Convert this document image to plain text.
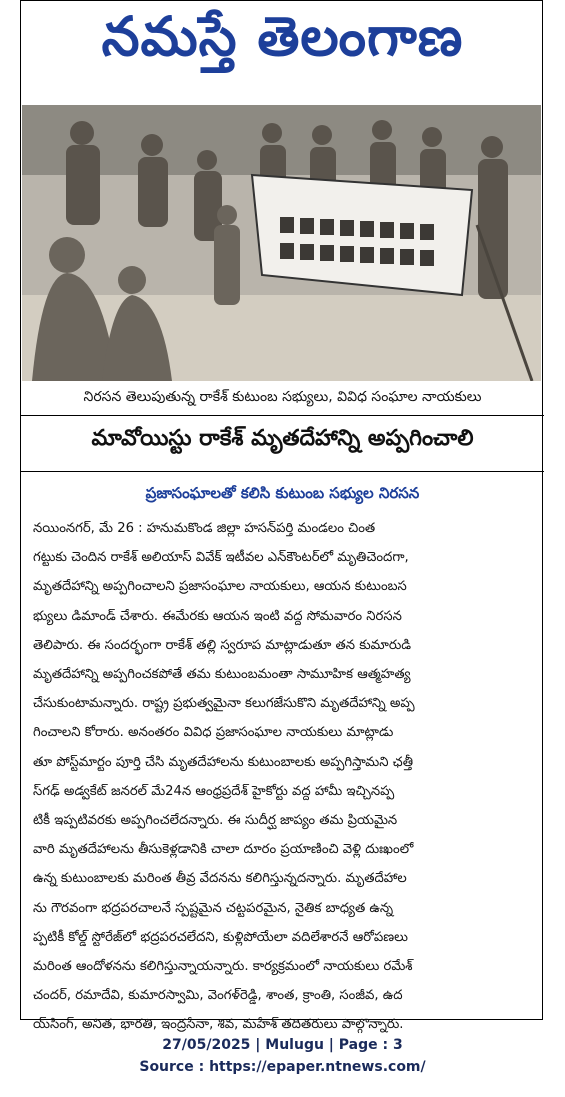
నమస్తే తెలంగాణ
నిరసన తెలుపుతున్న రాకేశ్ కుటుంబ సభ్యులు, వివిధ సంఘాల నాయకులు
మావోయిస్టు రాకేశ్ మృతదేహాన్ని అప్పగించాలి
ప్రజాసంఘాలతో కలిసి కుటుంబ సభ్యుల నిరసన
నయింనగర్, మే 26 : హనుమకొండ జిల్లా హసన్‌పర్తి మండలం చింత
గట్టుకు చెందిన రాకేశ్ అలియాస్ వివేక్ ఇటీవల ఎన్‌కౌంటర్‌లో మృతిచెందగా,
మృతదేహాన్ని అప్పగించాలని ప్రజాసంఘాల నాయకులు, ఆయన కుటుంబస
భ్యులు డిమాండ్ చేశారు. ఈమేరకు ఆయన ఇంటి వద్ద సోమవారం నిరసన
తెలిపారు. ఈ సందర్భంగా రాకేశ్ తల్లి స్వరూప మాట్లాడుతూ తన కుమారుడి
మృతదేహాన్ని అప్పగించకపోతే తమ కుటుంబమంతా సామూహిక ఆత్మహత్య
చేసుకుంటామన్నారు. రాష్ట్ర ప్రభుత్వమైనా కలుగజేసుకొని మృతదేహాన్ని అప్ప
గించాలని కోరారు. అనంతరం వివిధ ప్రజాసంఘాల నాయకులు మాట్లాడు
తూ పోస్ట్‌మార్టం పూర్తి చేసి మృతదేహాలను కుటుంబాలకు అప్పగిస్తామని ఛత్తీ
స్‌గఢ్ అడ్వకేట్ జనరల్ మే24న ఆంధ్రప్రదేశ్ హైకోర్టు వద్ద హామీ ఇచ్చినప్ప
టికీ ఇప్పటివరకు అప్పగించలేదన్నారు. ఈ సుదీర్ఘ జాప్యం తమ ప్రియమైన
వారి మృతదేహాలను తీసుకెళ్లడానికి చాలా దూరం ప్రయాణించి వెళ్లి దుఃఖంలో
ఉన్న కుటుంబాలకు మరింత తీవ్ర వేదనను కలిగిస్తున్నదన్నారు. మృతదేహాల
ను గౌరవంగా భద్రపరచాలనే స్పష్టమైన చట్టపరమైన, నైతిక బాధ్యత ఉన్న
ప్పటికీ కోల్డ్ స్టోరేజ్‌లో భద్రపరచలేదని, కుళ్లిపోయేలా వదిలేశారనే ఆరోపణలు
మరింత ఆందోళనను కలిగిస్తున్నాయన్నారు. కార్యక్రమంలో నాయకులు రమేశ్
చందర్, రమాదేవి, కుమారస్వామి, వెంగళ్‌రెడ్డి, శాంత, క్రాంతి, సంజీవ, ఉద
య్‌సింగ్, అనిత, భారతి, ఇంద్రసేనా, శివ, మహేశ్ తదితరులు పాల్గొన్నారు.
27/05/2025 | Mulugu | Page : 3
Source : https://epaper.ntnews.com/
